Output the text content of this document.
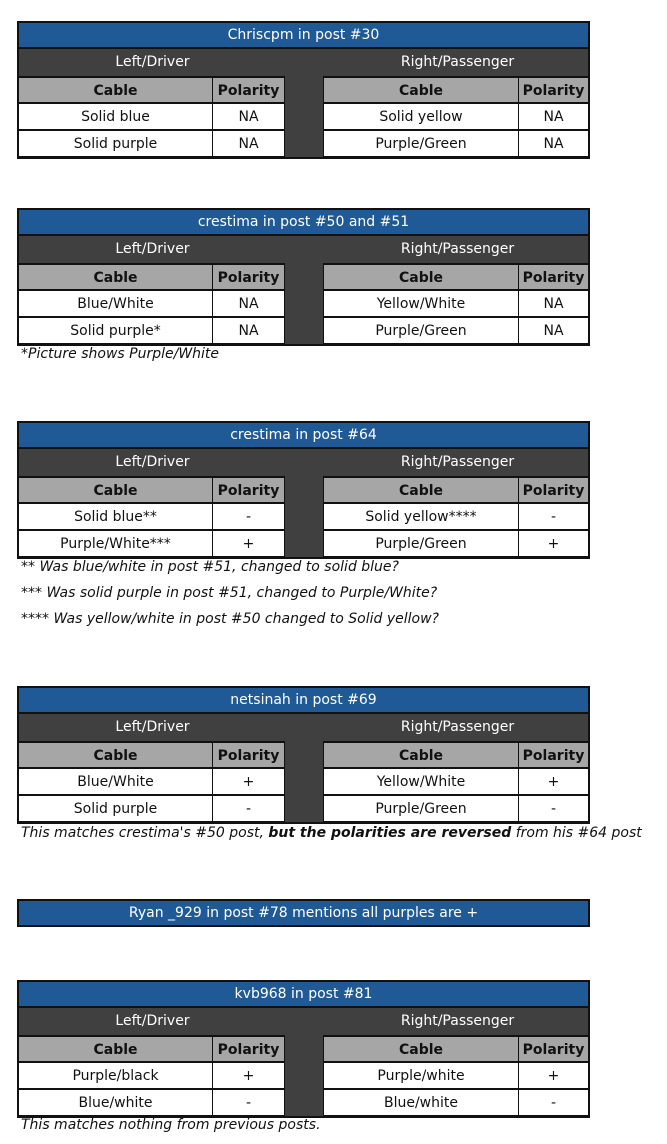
Chriscpm in post #30
Left/Driver	Right/Passenger
Cable	Polarity	Cable	Polarity
Solid blue	NA	Solid yellow	NA
Solid purple	NA	Purple/Green	NA
crestima in post #50 and #51
Left/Driver	Right/Passenger
Cable	Polarity	Cable	Polarity
Blue/White	NA	Yellow/White	NA
Solid purple*	NA	Purple/Green	NA
crestima in post #64
Left/Driver	Right/Passenger
Cable	Polarity	Cable	Polarity
Solid blue**	-	Solid yellow****	-
Purple/White***	+	Purple/Green	+
netsinah in post #69
Left/Driver	Right/Passenger
Cable	Polarity	Cable	Polarity
Blue/White	+	Yellow/White	+
Solid purple	-	Purple/Green	-
Ryan _929 in post #78 mentions all purples are +
kvb968 in post #81
Left/Driver	Right/Passenger
Cable	Polarity	Cable	Polarity
Purple/black	+	Purple/white	+
Blue/white	-	Blue/white	-
*Picture shows Purple/White
** Was blue/white in post #51, changed to solid blue?
*** Was solid purple in post #51, changed to Purple/White?
**** Was yellow/white in post #50 changed to Solid yellow?
This matches crestima's #50 post, but the polarities are reversed from his #64 post
This matches nothing from previous posts.
